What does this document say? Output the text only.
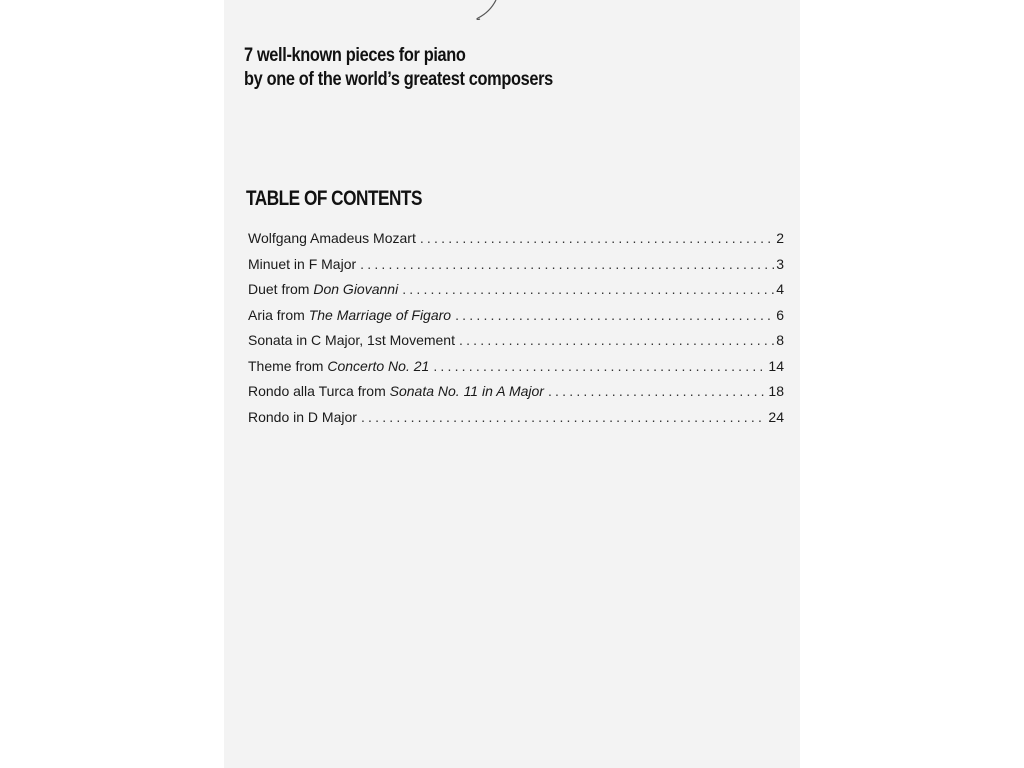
7 well-known pieces for piano
by one of the world’s greatest composers
TABLE OF CONTENTS
Wolfgang Amadeus Mozart .....	2
Minuet in F Major .....	3
Duet from Don Giovanni .....	4
Aria from The Marriage of Figaro .....	6
Sonata in C Major, 1st Movement .....	8
Theme from Concerto No. 21 .....	14
Rondo alla Turca from Sonata No. 11 in A Major .....	18
Rondo in D Major .....	24
